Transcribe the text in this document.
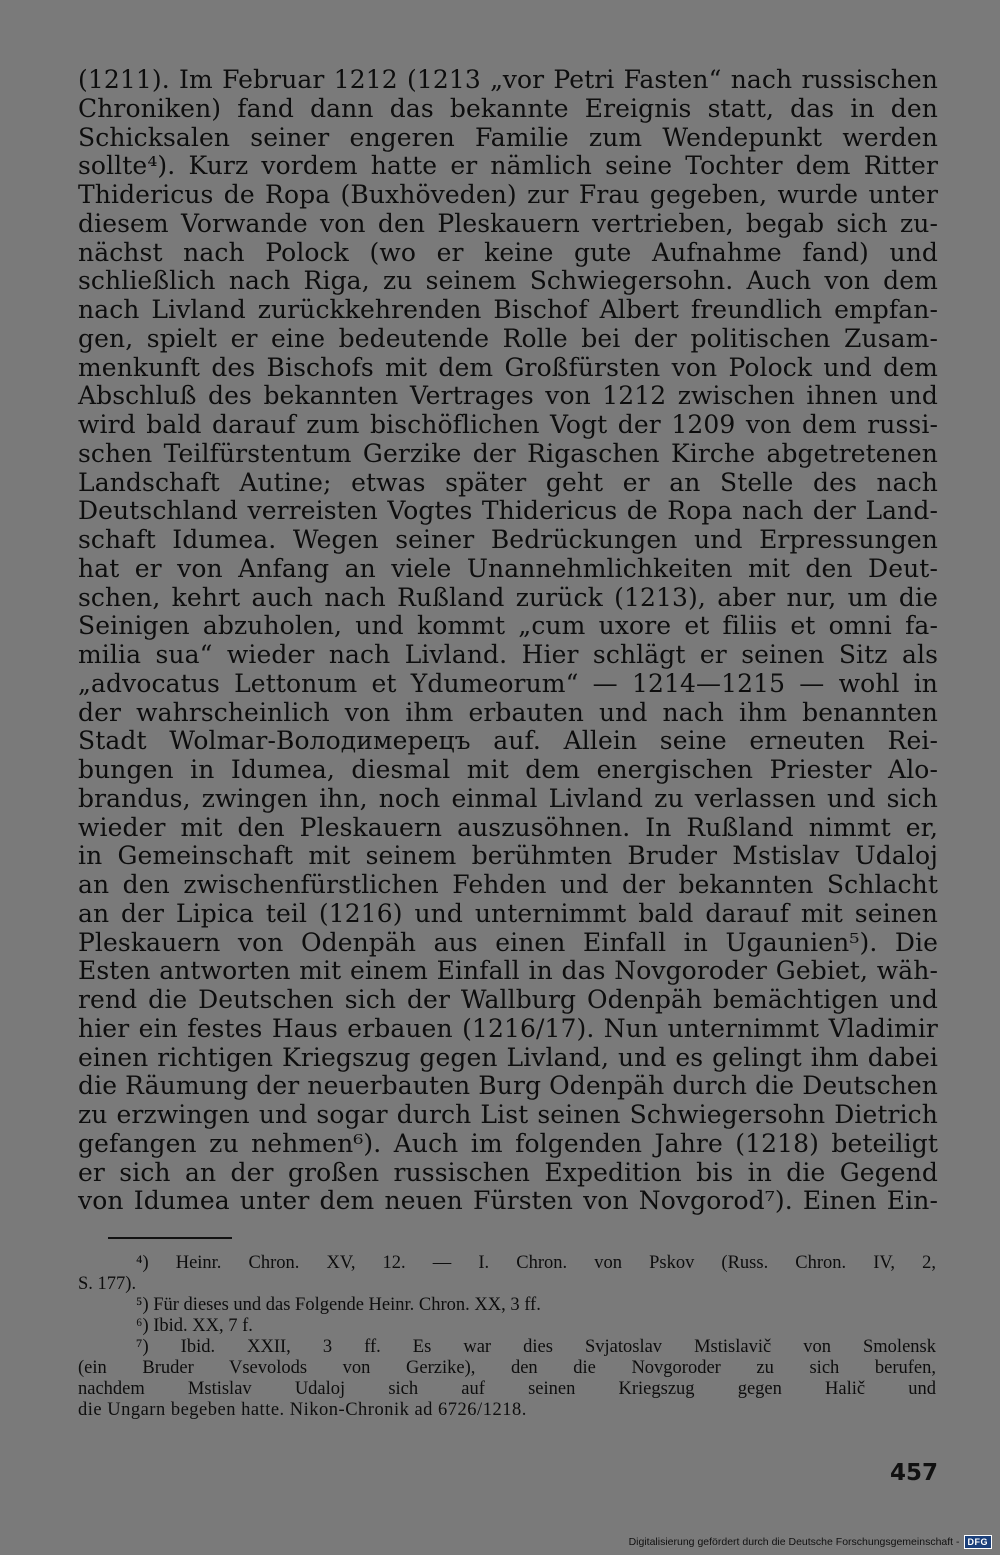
(1211). Im Februar 1212 (1213 „vor Petri Fasten“ nach russischen
Chroniken) fand dann das bekannte Ereignis statt, das in den
Schicksalen seiner engeren Familie zum Wendepunkt werden
sollte⁴). Kurz vordem hatte er nämlich seine Tochter dem Ritter
Thidericus de Ropa (Buxhöveden) zur Frau gegeben, wurde unter
diesem Vorwande von den Pleskauern vertrieben, begab sich zu-
nächst nach Polock (wo er keine gute Aufnahme fand) und
schließlich nach Riga, zu seinem Schwiegersohn. Auch von dem
nach Livland zurückkehrenden Bischof Albert freundlich empfan-
gen, spielt er eine bedeutende Rolle bei der politischen Zusam-
menkunft des Bischofs mit dem Großfürsten von Polock und dem
Abschluß des bekannten Vertrages von 1212 zwischen ihnen und
wird bald darauf zum bischöflichen Vogt der 1209 von dem russi-
schen Teilfürstentum Gerzike der Rigaschen Kirche abgetretenen
Landschaft Autine; etwas später geht er an Stelle des nach
Deutschland verreisten Vogtes Thidericus de Ropa nach der Land-
schaft Idumea. Wegen seiner Bedrückungen und Erpressungen
hat er von Anfang an viele Unannehmlichkeiten mit den Deut-
schen, kehrt auch nach Rußland zurück (1213), aber nur, um die
Seinigen abzuholen, und kommt „cum uxore et filiis et omni fa-
milia sua“ wieder nach Livland. Hier schlägt er seinen Sitz als
„advocatus Lettonum et Ydumeorum“ — 1214—1215 — wohl in
der wahrscheinlich von ihm erbauten und nach ihm benannten
Stadt Wolmar-Володимерецъ auf. Allein seine erneuten Rei-
bungen in Idumea, diesmal mit dem energischen Priester Alo-
brandus, zwingen ihn, noch einmal Livland zu verlassen und sich
wieder mit den Pleskauern auszusöhnen. In Rußland nimmt er,
in Gemeinschaft mit seinem berühmten Bruder Mstislav Udaloj
an den zwischenfürstlichen Fehden und der bekannten Schlacht
an der Lipica teil (1216) und unternimmt bald darauf mit seinen
Pleskauern von Odenpäh aus einen Einfall in Ugaunien⁵). Die
Esten antworten mit einem Einfall in das Novgoroder Gebiet, wäh-
rend die Deutschen sich der Wallburg Odenpäh bemächtigen und
hier ein festes Haus erbauen (1216/17). Nun unternimmt Vladimir
einen richtigen Kriegszug gegen Livland, und es gelingt ihm dabei
die Räumung der neuerbauten Burg Odenpäh durch die Deutschen
zu erzwingen und sogar durch List seinen Schwiegersohn Dietrich
gefangen zu nehmen⁶). Auch im folgenden Jahre (1218) beteiligt
er sich an der großen russischen Expedition bis in die Gegend
von Idumea unter dem neuen Fürsten von Novgorod⁷). Einen Ein-
⁴) Heinr. Chron. XV, 12. — I. Chron. von Pskov (Russ. Chron. IV, 2,
S. 177).
⁵) Für dieses und das Folgende Heinr. Chron. XX, 3 ff.
⁶) Ibid. XX, 7 f.
⁷) Ibid. XXII, 3 ff. Es war dies Svjatoslav Mstislavič von Smolensk
(ein Bruder Vsevolods von Gerzike), den die Novgoroder zu sich berufen,
nachdem Mstislav Udaloj sich auf seinen Kriegszug gegen Halič und
die Ungarn begeben hatte. Nikon-Chronik ad 6726/1218.
457
Digitalisierung gefördert durch die Deutsche Forschungsgemeinschaft - DFG
